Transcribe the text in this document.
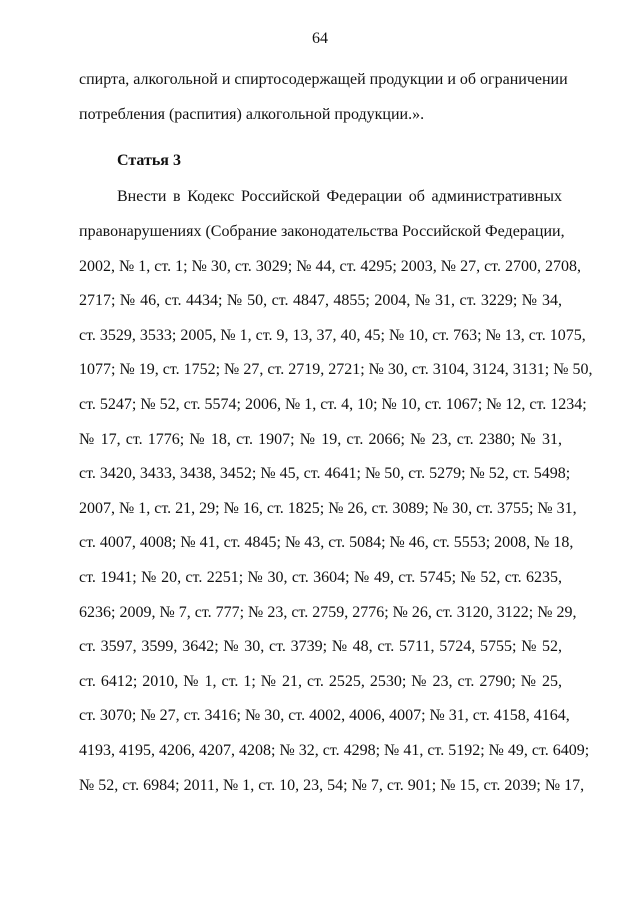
64
спирта, алкогольной и спиртосодержащей продукции и об ограничении
потребления (распития) алкогольной продукции.».
Статья 3
Внести в Кодекс Российской Федерации об административных
правонарушениях (Собрание законодательства Российской Федерации,
2002, № 1, ст. 1; № 30, ст. 3029; № 44, ст. 4295; 2003, № 27, ст. 2700, 2708,
2717; № 46, ст. 4434; № 50, ст. 4847, 4855; 2004, № 31, ст. 3229; № 34,
ст. 3529, 3533; 2005, № 1, ст. 9, 13, 37, 40, 45; № 10, ст. 763; № 13, ст. 1075,
1077; № 19, ст. 1752; № 27, ст. 2719, 2721; № 30, ст. 3104, 3124, 3131; № 50,
ст. 5247; № 52, ст. 5574; 2006, № 1, ст. 4, 10; № 10, ст. 1067; № 12, ст. 1234;
№ 17, ст. 1776; № 18, ст. 1907; № 19, ст. 2066; № 23, ст. 2380; № 31,
ст. 3420, 3433, 3438, 3452; № 45, ст. 4641; № 50, ст. 5279; № 52, ст. 5498;
2007, № 1, ст. 21, 29; № 16, ст. 1825; № 26, ст. 3089; № 30, ст. 3755; № 31,
ст. 4007, 4008; № 41, ст. 4845; № 43, ст. 5084; № 46, ст. 5553; 2008, № 18,
ст. 1941; № 20, ст. 2251; № 30, ст. 3604; № 49, ст. 5745; № 52, ст. 6235,
6236; 2009, № 7, ст. 777; № 23, ст. 2759, 2776; № 26, ст. 3120, 3122; № 29,
ст. 3597, 3599, 3642; № 30, ст. 3739; № 48, ст. 5711, 5724, 5755; № 52,
ст. 6412; 2010, № 1, ст. 1; № 21, ст. 2525, 2530; № 23, ст. 2790; № 25,
ст. 3070; № 27, ст. 3416; № 30, ст. 4002, 4006, 4007; № 31, ст. 4158, 4164,
4193, 4195, 4206, 4207, 4208; № 32, ст. 4298; № 41, ст. 5192; № 49, ст. 6409;
№ 52, ст. 6984; 2011, № 1, ст. 10, 23, 54; № 7, ст. 901; № 15, ст. 2039; № 17,
